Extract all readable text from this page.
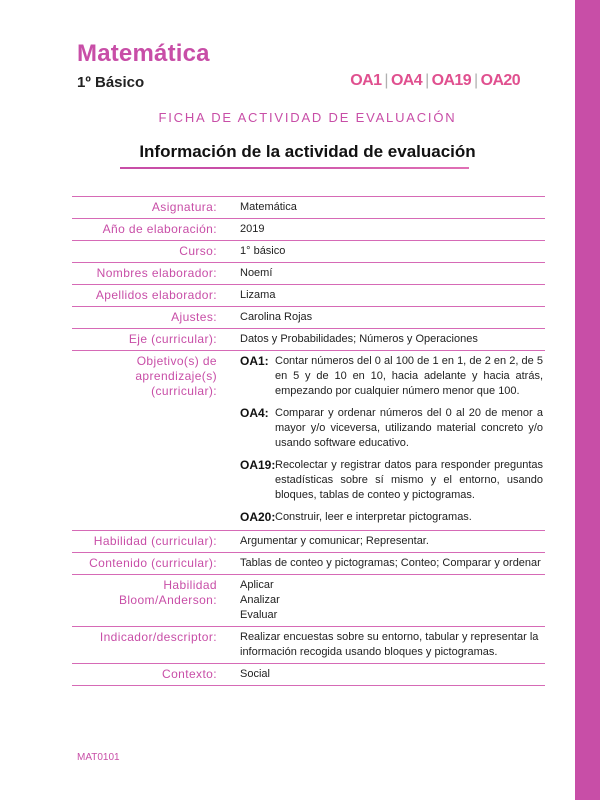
Matemática
1º Básico	OA1 | OA4 | OA19 | OA20
FICHA DE ACTIVIDAD DE EVALUACIÓN
Información de la actividad de evaluación
Asignatura:	Matemática
Año de elaboración:	2019
Curso:	1° básico
Nombres elaborador:	Noemí
Apellidos elaborador:	Lizama
Ajustes:	Carolina Rojas
Eje (curricular):	Datos y Probabilidades; Números y Operaciones
Objetivo(s) de aprendizaje(s) (curricular):
OA1: Contar números del 0 al 100 de 1 en 1, de 2 en 2, de 5 en 5 y de 10 en 10, hacia adelante y hacia atrás, empezando por cualquier número menor que 100.
OA4: Comparar y ordenar números del 0 al 20 de menor a mayor y/o viceversa, utilizando material concreto y/o usando software educativo.
OA19: Recolectar y registrar datos para responder preguntas estadísticas sobre sí mismo y el entorno, usando bloques, tablas de conteo y pictogramas.
OA20: Construir, leer e interpretar pictogramas.
Habilidad (curricular):	Argumentar y comunicar; Representar.
Contenido (curricular):	Tablas de conteo y pictogramas; Conteo; Comparar y ordenar
Habilidad Bloom/Anderson:
Aplicar
Analizar
Evaluar
Indicador/descriptor:	Realizar encuestas sobre su entorno, tabular y representar la información recogida usando bloques y pictogramas.
Contexto:	Social
MAT0101
